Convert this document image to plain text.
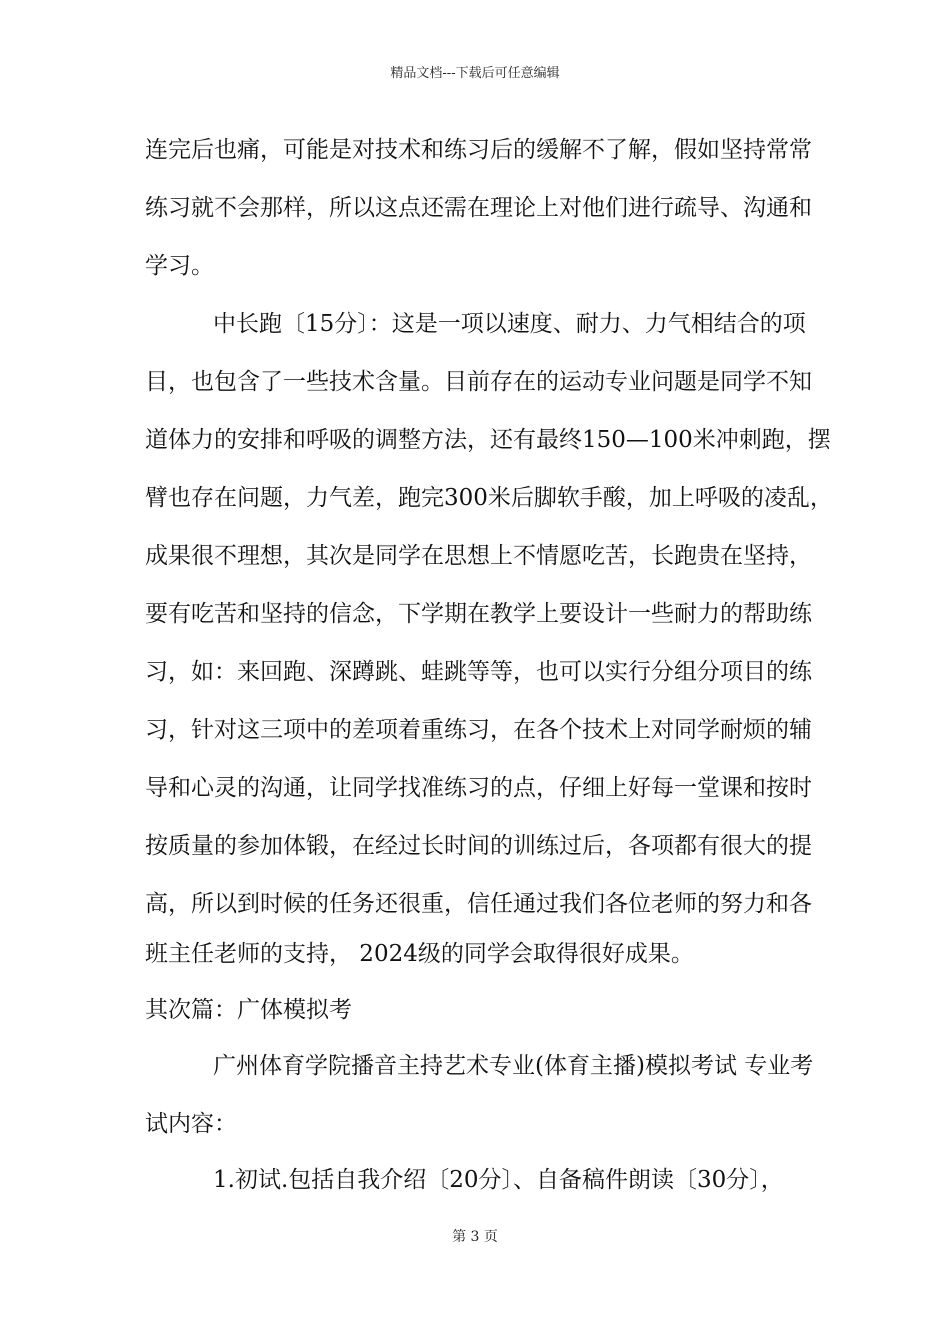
精品文档---下载后可任意编辑
连完后也痛，可能是对技术和练习后的缓解不了解，假如坚持常常
练习就不会那样，所以这点还需在理论上对他们进行疏导、沟通和
学习。
中长跑〔15分〕：这是一项以速度、耐力、力气相结合的项
目，也包含了一些技术含量。目前存在的运动专业问题是同学不知
道体力的安排和呼吸的调整方法，还有最终150—100米冲刺跑，摆
臂也存在问题，力气差，跑完300米后脚软手酸，加上呼吸的凌乱，
成果很不理想，其次是同学在思想上不情愿吃苦，长跑贵在坚持，
要有吃苦和坚持的信念，下学期在教学上要设计一些耐力的帮助练
习，如：来回跑、深蹲跳、蛙跳等等，也可以实行分组分项目的练
习，针对这三项中的差项着重练习，在各个技术上对同学耐烦的辅
导和心灵的沟通，让同学找准练习的点，仔细上好每一堂课和按时
按质量的参加体锻，在经过长时间的训练过后，各项都有很大的提
高，所以到时候的任务还很重，信任通过我们各位老师的努力和各
班主任老师的支持， 2024级的同学会取得很好成果。
其次篇：广体模拟考
广州体育学院播音主持艺术专业(体育主播)模拟考试 专业考
试内容：
1.初试.包括自我介绍〔20分〕、自备稿件朗读〔30分〕，
第 3 页
